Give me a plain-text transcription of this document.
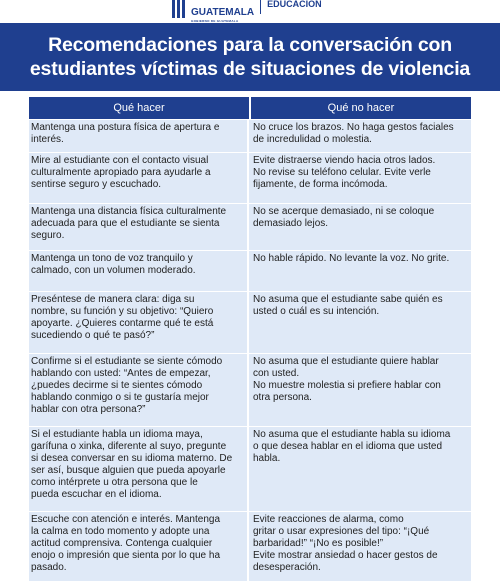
GUATEMALA
GOBIERNO DE GUATEMALA
EDUCACION
Recomendaciones para la conversación con
estudiantes víctimas de situaciones de violencia
Qué hacer	Qué no hacer
Mantenga una postura física de apertura e
interés.
No cruce los brazos. No haga gestos faciales
de incredulidad o molestia.
Mire al estudiante con el contacto visual
culturalmente apropiado para ayudarle a
sentirse seguro y escuchado.
Evite distraerse viendo hacia otros lados.
No revise su teléfono celular. Evite verle
fijamente, de forma incómoda.
Mantenga una distancia física culturalmente
adecuada para que el estudiante se sienta
seguro.
No se acerque demasiado, ni se coloque
demasiado lejos.
Mantenga un tono de voz tranquilo y
calmado, con un volumen moderado.
No hable rápido. No levante la voz. No grite.
Preséntese de manera clara: diga su
nombre, su función y su objetivo: “Quiero
apoyarte. ¿Quieres contarme qué te está
sucediendo o qué te pasó?”
No asuma que el estudiante sabe quién es
usted o cuál es su intención.
Confirme si el estudiante se siente cómodo
hablando con usted: “Antes de empezar,
¿puedes decirme si te sientes cómodo
hablando conmigo o si te gustaría mejor
hablar con otra persona?”
No asuma que el estudiante quiere hablar
con usted.
No muestre molestia si prefiere hablar con
otra persona.
Si el estudiante habla un idioma maya,
garífuna o xinka, diferente al suyo, pregunte
si desea conversar en su idioma materno. De
ser así, busque alguien que pueda apoyarle
como intérprete u otra persona que le
pueda escuchar en el idioma.
No asuma que el estudiante habla su idioma
o que desea hablar en el idioma que usted
habla.
Escuche con atención e interés. Mantenga
la calma en todo momento y adopte una
actitud comprensiva. Contenga cualquier
enojo o impresión que sienta por lo que ha
pasado.
Evite reacciones de alarma, como
gritar o usar expresiones del tipo: “¡Qué
barbaridad!” “¡No es posible!”
Evite mostrar ansiedad o hacer gestos de
desesperación.
